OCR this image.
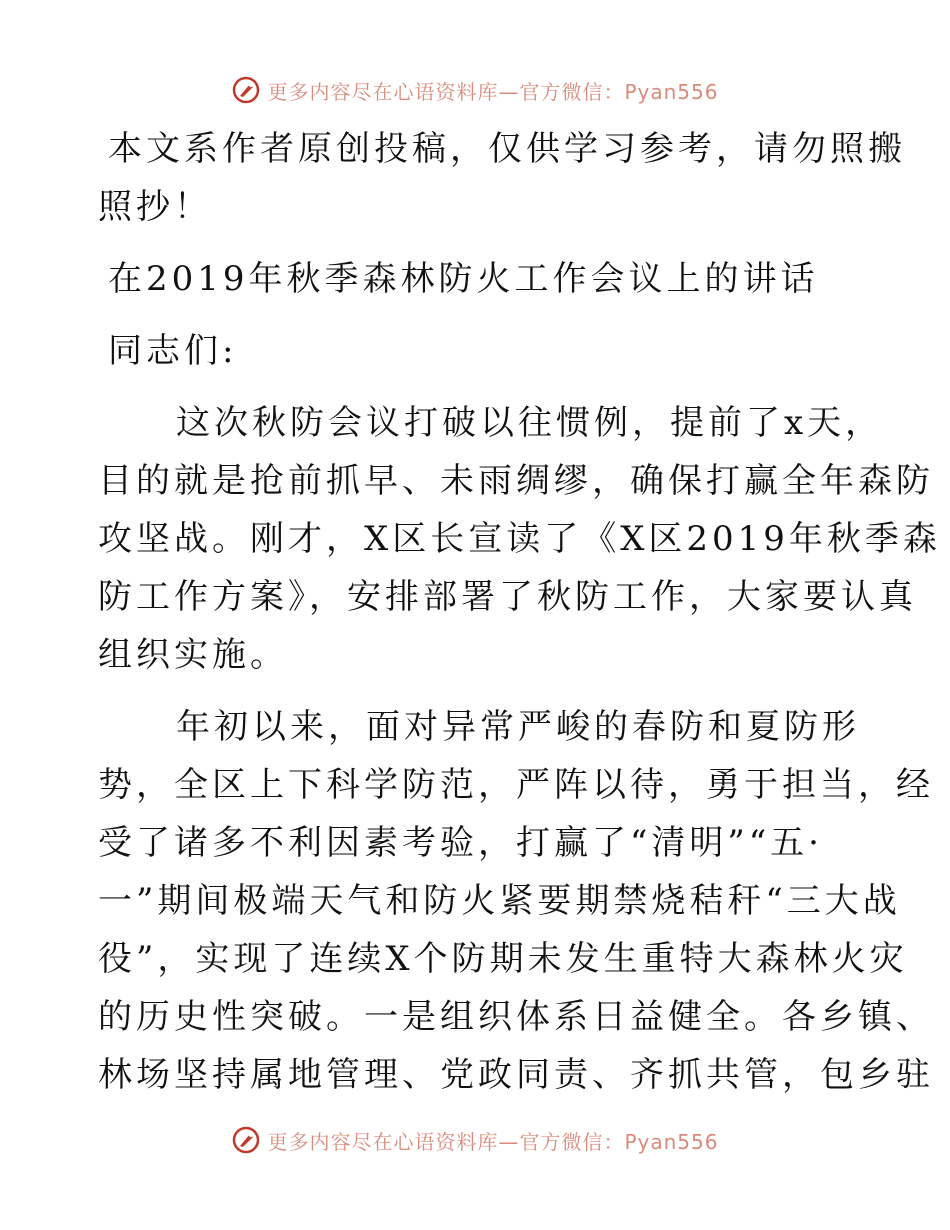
更多内容尽在心语资料库—官方微信：Pyan556
本文系作者原创投稿，仅供学习参考，请勿照搬
照抄！
在2019年秋季森林防火工作会议上的讲话
同志们:
这次秋防会议打破以往惯例，提前了x天，
目的就是抢前抓早、未雨绸缪，确保打赢全年森防
攻坚战。刚才，X区长宣读了《X区2019年秋季森
防工作方案》，安排部署了秋防工作，大家要认真
组织实施。
年初以来，面对异常严峻的春防和夏防形
势，全区上下科学防范，严阵以待，勇于担当，经
受了诸多不利因素考验，打赢了“清明”“五·
一”期间极端天气和防火紧要期禁烧秸秆“三大战
役”，实现了连续X个防期未发生重特大森林火灾
的历史性突破。一是组织体系日益健全。各乡镇、
林场坚持属地管理、党政同责、齐抓共管，包乡驻
更多内容尽在心语资料库—官方微信：Pyan556
